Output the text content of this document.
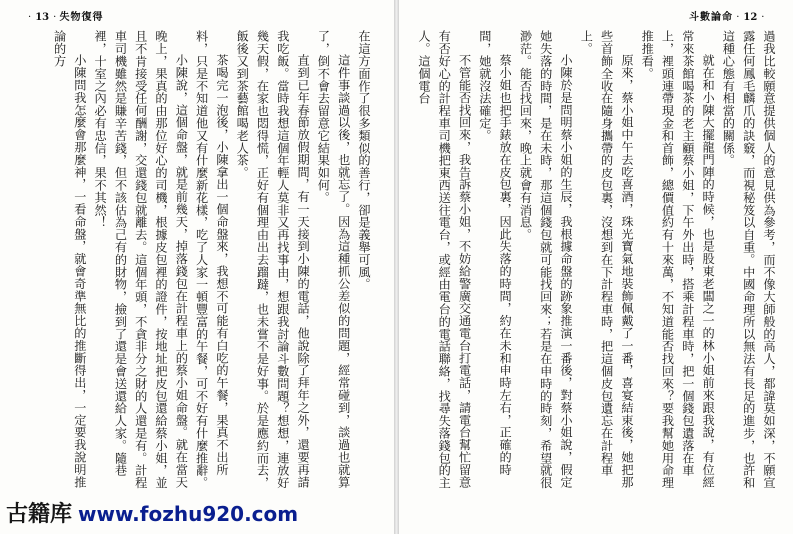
· 13 · 失物復得

在這方面作了很多類似的善行，卻是義舉可風。

這件事談過以後，也就忘了。因為這種抓公差似的問題，經常碰到，談過也就算了，倒不會去留意它結果如何。

直到已年春節放假期間，有一天接到小陳的電話，他說除了拜年之外，還要再請我吃飯。當時我想這個年輕人莫非又再找事由，想跟我討論斗數問題？想想，連放好幾天假，在家也悶得慌，正好有個理由出去蹓躂，也未嘗不是好事。於是應約而去，飯後又到茶藝館喝老人茶。

茶喝完一泡後，小陳拿出一個命盤來，我想不可能有白吃的午餐，果真不出所料，只是不知道他又有什麼新花樣，吃了人家一頓豐富的午餐，可不好有什麼推辭。

小陳說，這個命盤，就是前幾天，掉落錢包在計程車上的蔡小姐命盤。就在當天晚上，果真的由那位好心的司機，根據皮包裡的證件，按地址把皮包還給蔡小姐，並且不肯接受任何酬謝，交還錢包就離去。這個年頭，不貪非分之財的人還是有。計程車司機雖然是賺辛苦錢，但不該估為己有的財物，撿到了還是會送還給人家。隨巷裡，十室之內必有忠信，果不其然！

小陳問我怎麼會那麼神，一看命盤，就會奇準無比的推斷得出，一定要我說明推論的方

斗數論命 · 12 ·

過我比較願意提供個人的意見供為參考，而不像大師般的高人，都諱莫如深，不願宣露任何鳳毛麟爪的訣竅，而視秘笈以自重。中國命理所以無法有長足的進步，也許和這種心態有相當的關係。

就在和小陳大擺龍門陣的時候，也是股東老闆之一的林小姐前來跟我說，有位經常來茶館喝茶的老主顧蔡小姐，下午外出時，搭乘計程車時，把一個錢包遺落在車上，裡頭連帶現金和首飾，總價值約有十來萬，不知道能否找回來？要我幫她用命理推推看。

原來，蔡小姐中午去吃喜酒，珠光寶氣地裝飾佩戴了一番，喜宴結束後，她把那些首飾全收在隨身攜帶的皮包裏，沒想到在下計程車時，把這個皮包遺忘在計程車上。

小陳於是問明蔡小姐的生辰，我根據命盤的跡象推演一番後，對蔡小姐說，假定她失落的時間，是在未時，那這個錢包就可能找回來；若是在申時的時刻，希望就很渺茫。能否找回來，晚上就會有消息。

蔡小姐也把手錶放在皮包裏，因此失落的時間，約在未和申時左右，正確的時間，她就沒法確定。

不管能否找回來，我告訴蔡小姐，不妨給警廣交通電台打電話，請電台幫忙留意有否好心的計程車司機把東西送往電台，或經由電台的電話聯絡，找尋失落錢包的主人。這個電台

古籍库 www.fozhu920.com
